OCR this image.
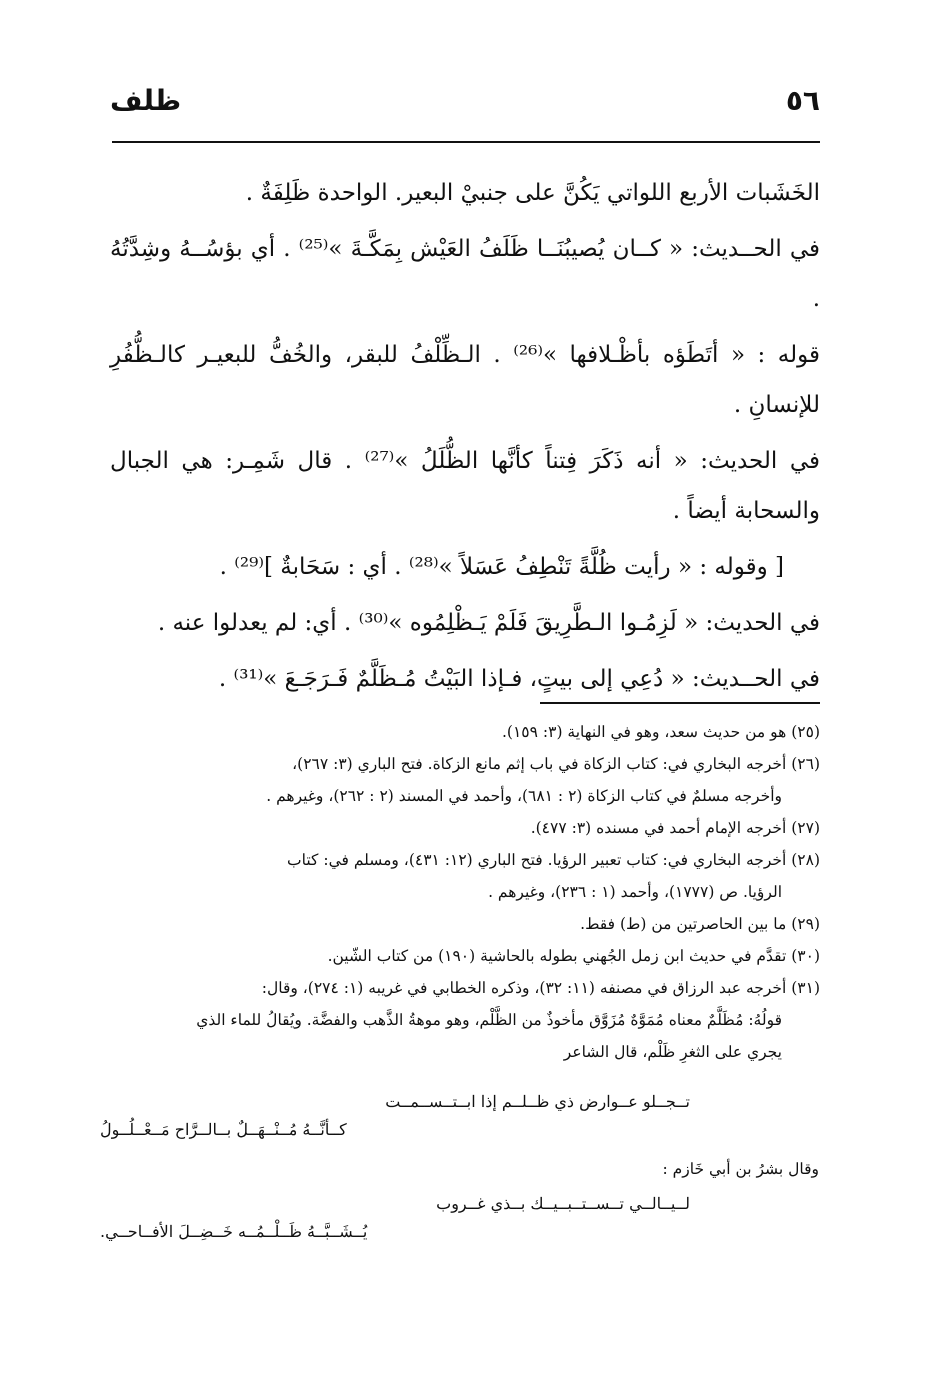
٥٦
ظلف

الخَشَبات الأربع اللواتي يَكُنَّ على جنبيْ البعير. الواحدة ظَلِفَةٌ .

في الحــديث: « كــان يُصيبُنَــا ظَلَفُ العَيْش بِمَكَّـةَ »⁽²⁵⁾ . أي بؤسُــهُ وشِدَّتُهُ .

قوله : « أتَطَؤه بأظْـلافها »⁽²⁶⁾ . الـظِّلْفُ للبقر، والخُفُّ للبعيـر كالـظُّفُرِ للإنسانِ .

في الحديث: « أنه ذَكَرَ فِتناً كأنَّها الظُّلَلُ »⁽²⁷⁾ . قال شَمِـر: هي الجبال والسحابة أيضاً .

[ وقوله : « رأيت ظُلَّةً تَنْطِفُ عَسَلاً »⁽²⁸⁾ . أي : سَحَابةٌ ]⁽²⁹⁾ .

في الحديث: « لَزِمُـوا الـطَّرِيقَ فَلَمْ يَـظْلِمُوه »⁽³⁰⁾ . أي: لم يعدلوا عنه .

في الحــديث: « دُعِي إلى بيتٍ، فـإذا البَيْتُ مُـظَلَّمٌ فَـرَجَـعَ »⁽³¹⁾ .

(٢٥) هو من حديث سعد، وهو في النهاية (٣: ١٥٩).

(٢٦) أخرجه البخاري في: كتاب الزكاة في باب إثم مانع الزكاة. فتح الباري (٣: ٢٦٧)،

وأخرجه مسلمٌ في كتاب الزكاة (٢ : ٦٨١)، وأحمد في المسند (٢ : ٢٦٢)، وغيرهم .

(٢٧) أخرجه الإمام أحمد في مسنده (٣: ٤٧٧).

(٢٨) أخرجه البخاري في: كتاب تعبير الرؤيا. فتح الباري (١٢: ٤٣١)، ومسلم في: كتاب

الرؤيا. ص (١٧٧٧)، وأحمد (١ : ٢٣٦)، وغيرهم .

(٢٩) ما بين الحاصرتين من (ط) فقط.

(٣٠) تقدَّم في حديث ابن زمل الجُهني بطوله بالحاشية (١٩٠) من كتاب الشّين.

(٣١) أخرجه عبد الرزاق في مصنفه (١١: ٣٢)، وذكره الخطابي في غريبه (١: ٢٧٤)، وقال:

قولُهُ: مُظَلَّمٌ معناه مُمَوَّهٌ مُزَوَّق مأخوذٌ من الظَّلْم، وهو موهةُ الذَّهب والفضَّة. ويُقالُ للماء الذي

يجري على الثغرِ ظَلْم، قال الشاعر

تــجــلو عــوارض ذي ظــلــم إذا ابــتــســمــت
كــأنَّــهُ مُــنْــهَــلٌ بــالــرَّاح مَــعْــلُــولُ
لــيــالــي تــســتــبــيــك بــذي غــروب
يُــشَــبَّــهُ ظَــلْــمُــه خَــضِــلَ الأفــاحــي.
وقال بشرُ بن أبي خَازم :
